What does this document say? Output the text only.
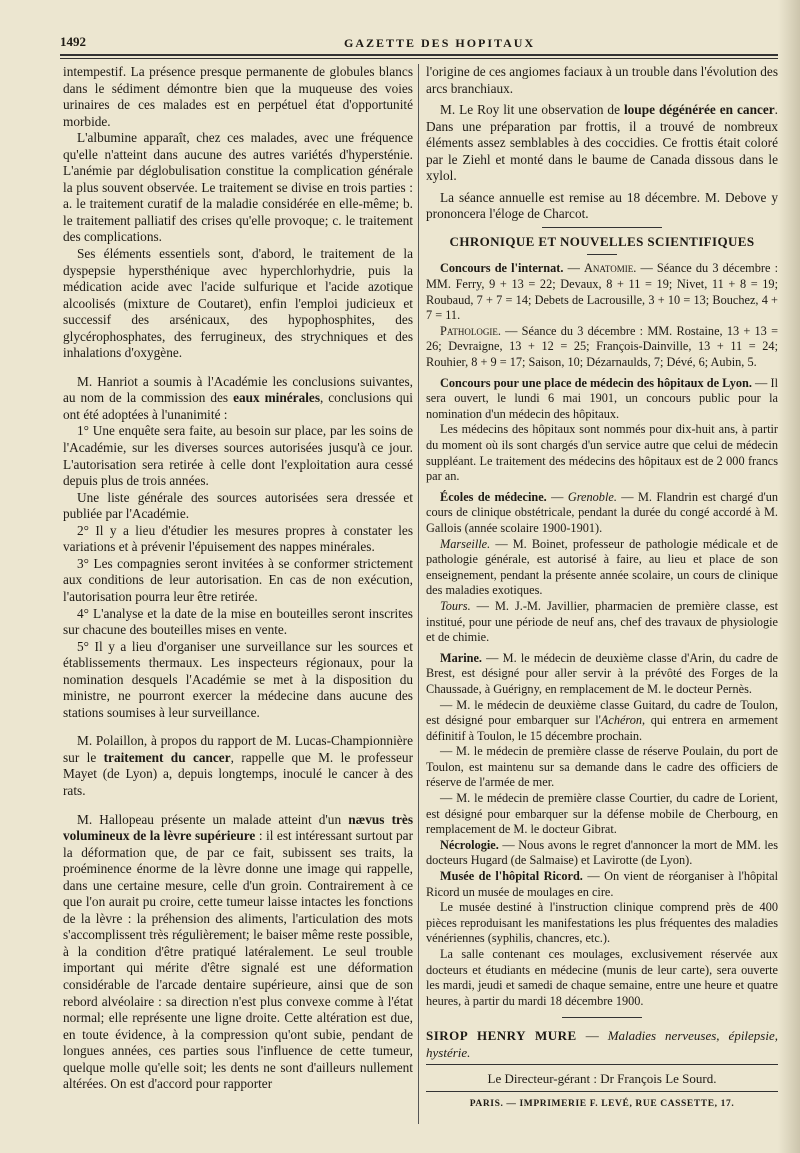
1492	GAZETTE DES HOPITAUX

intempestif. La présence presque permanente de globules blancs dans le sédiment démontre bien que la muqueuse des voies urinaires de ces malades est en perpétuel état d'opportunité morbide.

L'albumine apparaît, chez ces malades, avec une fréquence qu'elle n'atteint dans aucune des autres variétés d'hypersténie. L'anémie par déglobulisation constitue la complication générale la plus souvent observée. Le traitement se divise en trois parties : a. le traitement curatif de la maladie considérée en elle-même; b. le traitement palliatif des crises qu'elle provoque; c. le traitement des complications.

Ses éléments essentiels sont, d'abord, le traitement de la dyspepsie hypersthénique avec hyperchlorhydrie, puis la médication acide avec l'acide sulfurique et l'acide azotique alcoolisés (mixture de Coutaret), enfin l'emploi judicieux et successif des arsénicaux, des hypophosphites, des glycérophosphates, des ferrugineux, des strychniques et des inhalations d'oxygène.

M. Hanriot a soumis à l'Académie les conclusions suivantes, au nom de la commission des eaux minérales, conclusions qui ont été adoptées à l'unanimité :

1° Une enquête sera faite, au besoin sur place, par les soins de l'Académie, sur les diverses sources autorisées jusqu'à ce jour. L'autorisation sera retirée à celle dont l'exploitation aura cessé depuis plus de trois années.

Une liste générale des sources autorisées sera dressée et publiée par l'Académie.

2° Il y a lieu d'étudier les mesures propres à constater les variations et à prévenir l'épuisement des nappes minérales.

3° Les compagnies seront invitées à se conformer strictement aux conditions de leur autorisation. En cas de non exécution, l'autorisation pourra leur être retirée.

4° L'analyse et la date de la mise en bouteilles seront inscrites sur chacune des bouteilles mises en vente.

5° Il y a lieu d'organiser une surveillance sur les sources et établissements thermaux. Les inspecteurs régionaux, pour la nomination desquels l'Académie se met à la disposition du ministre, ne pourront exercer la médecine dans aucune des stations soumises à leur surveillance.

M. Polaillon, à propos du rapport de M. Lucas-Championnière sur le traitement du cancer, rappelle que M. le professeur Mayet (de Lyon) a, depuis longtemps, inoculé le cancer à des rats.

M. Hallopeau présente un malade atteint d'un nævus très volumineux de la lèvre supérieure : il est intéressant surtout par la déformation que, de par ce fait, subissent ses traits, la proéminence énorme de la lèvre donne une image qui rappelle, dans une certaine mesure, celle d'un groin. Contrairement à ce que l'on aurait pu croire, cette tumeur laisse intactes les fonctions de la lèvre : la préhension des aliments, l'articulation des mots s'accomplissent très régulièrement; le baiser même reste possible, à la condition d'être pratiqué latéralement. Le seul trouble important qui mérite d'être signalé est une déformation considérable de l'arcade dentaire supérieure, ainsi que de son rebord alvéolaire : sa direction n'est plus convexe comme à l'état normal; elle représente une ligne droite. Cette altération est due, en toute évidence, à la compression qu'ont subie, pendant de longues années, ces parties sous l'influence de cette tumeur, quelque molle qu'elle soit; les dents ne sont d'ailleurs nullement altérées. On est d'accord pour rapporter

l'origine de ces angiomes faciaux à un trouble dans l'évolution des arcs branchiaux.

M. Le Roy lit une observation de loupe dégénérée en cancer. Dans une préparation par frottis, il a trouvé de nombreux éléments assez semblables à des coccidies. Ce frottis était coloré par le Ziehl et monté dans le baume de Canada dissous dans le xylol.

La séance annuelle est remise au 18 décembre. M. Debove y prononcera l'éloge de Charcot.

CHRONIQUE ET NOUVELLES SCIENTIFIQUES

Concours de l'internat. — Anatomie. — Séance du 3 décembre : MM. Ferry, 9 + 13 = 22; Devaux, 8 + 11 = 19; Nivet, 11 + 8 = 19; Roubaud, 7 + 7 = 14; Debets de Lacrousille, 3 + 10 = 13; Bouchez, 4 + 7 = 11.

Pathologie. — Séance du 3 décembre : MM. Rostaine, 13 + 13 = 26; Devraigne, 13 + 12 = 25; François-Dainville, 13 + 11 = 24; Rouhier, 8 + 9 = 17; Saison, 10; Dézarnaulds, 7; Dévé, 6; Aubin, 5.

Concours pour une place de médecin des hôpitaux de Lyon. — Il sera ouvert, le lundi 6 mai 1901, un concours public pour la nomination d'un médecin des hôpitaux.

Les médecins des hôpitaux sont nommés pour dix-huit ans, à partir du moment où ils sont chargés d'un service autre que celui de médecin suppléant. Le traitement des médecins des hôpitaux est de 2 000 francs par an.

Écoles de médecine. — Grenoble. — M. Flandrin est chargé d'un cours de clinique obstétricale, pendant la durée du congé accordé à M. Gallois (année scolaire 1900-1901).

Marseille. — M. Boinet, professeur de pathologie médicale et de pathologie générale, est autorisé à faire, au lieu et place de son enseignement, pendant la présente année scolaire, un cours de clinique des maladies exotiques.

Tours. — M. J.-M. Javillier, pharmacien de première classe, est institué, pour une période de neuf ans, chef des travaux de physiologie et de chimie.

Marine. — M. le médecin de deuxième classe d'Arin, du cadre de Brest, est désigné pour aller servir à la prévôté des Forges de la Chaussade, à Guérigny, en remplacement de M. le docteur Pernès.

— M. le médecin de deuxième classe Guitard, du cadre de Toulon, est désigné pour embarquer sur l'Achéron, qui entrera en armement définitif à Toulon, le 15 décembre prochain.

— M. le médecin de première classe de réserve Poulain, du port de Toulon, est maintenu sur sa demande dans le cadre des officiers de réserve de l'armée de mer.

— M. le médecin de première classe Courtier, du cadre de Lorient, est désigné pour embarquer sur la défense mobile de Cherbourg, en remplacement de M. le docteur Gibrat.

Nécrologie. — Nous avons le regret d'annoncer la mort de MM. les docteurs Hugard (de Salmaise) et Lavirotte (de Lyon).

Musée de l'hôpital Ricord. — On vient de réorganiser à l'hôpital Ricord un musée de moulages en cire.

Le musée destiné à l'instruction clinique comprend près de 400 pièces reproduisant les manifestations les plus fréquentes des maladies vénériennes (syphilis, chancres, etc.).

La salle contenant ces moulages, exclusivement réservée aux docteurs et étudiants en médecine (munis de leur carte), sera ouverte les mardi, jeudi et samedi de chaque semaine, entre une heure et quatre heures, à partir du mardi 18 décembre 1900.

SIROP HENRY MURE — Maladies nerveuses, épilepsie, hystérie.

Le Directeur-gérant : Dr François Le Sourd.

PARIS. — IMPRIMERIE F. LEVÉ, RUE CASSETTE, 17.
